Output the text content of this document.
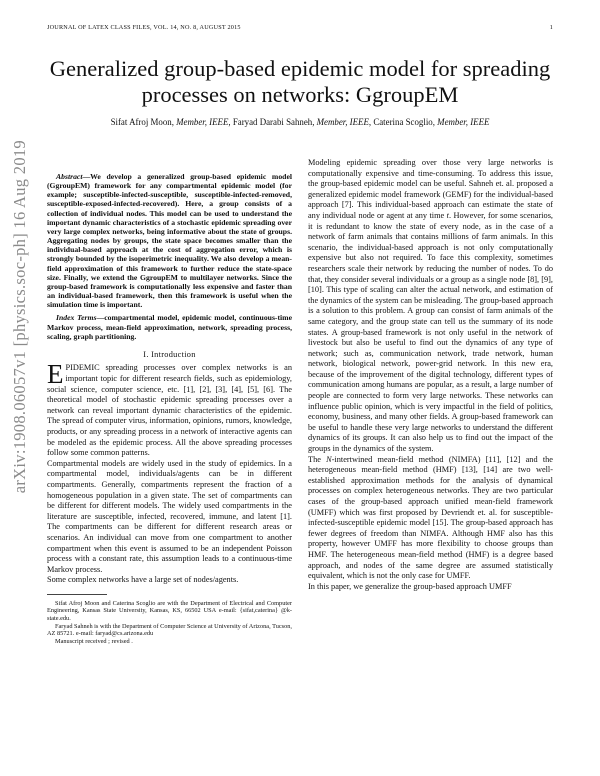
JOURNAL OF LATEX CLASS FILES, VOL. 14, NO. 8, AUGUST 2015	1
arXiv:1908.06057v1 [physics.soc-ph] 16 Aug 2019
Generalized group-based epidemic model for spreading processes on networks: GgroupEM
Sifat Afroj Moon, Member, IEEE, Faryad Darabi Sahneh, Member, IEEE, Caterina Scoglio, Member, IEEE

Abstract—We develop a generalized group-based epidemic model (GgroupEM) framework for any compartmental epidemic model (for example; susceptible-infected-susceptible, susceptible-infected-removed, susceptible-exposed-infected-recovered). Here, a group consists of a collection of individual nodes. This model can be used to understand the important dynamic characteristics of a stochastic epidemic spreading over very large complex networks, being informative about the state of groups. Aggregating nodes by groups, the state space becomes smaller than the individual-based approach at the cost of aggregation error, which is strongly bounded by the isoperimetric inequality. We also develop a mean-field approximation of this framework to further reduce the state-space size. Finally, we extend the GgroupEM to multilayer networks. Since the group-based framework is computationally less expensive and faster than an individual-based framework, then this framework is useful when the simulation time is important.

Index Terms—compartmental model, epidemic model, continuous-time Markov process, mean-field approximation, network, spreading process, scaling, graph partitioning.

I. Introduction

EPIDEMIC spreading processes over complex networks is an important topic for different research fields, such as epidemiology, social science, computer science, etc. [1], [2], [3], [4], [5], [6]. The theoretical model of stochastic epidemic spreading processes over a network can reveal important dynamic characteristics of the epidemic. The spread of computer virus, information, opinions, rumors, knowledge, products, or any spreading process in a network of interactive agents can be modeled as the epidemic process. All the above spreading processes follow some common patterns.

Compartmental models are widely used in the study of epidemics. In a compartmental model, individuals/agents can be in different compartments. Generally, compartments represent the fraction of a homogeneous population in a given state. The set of compartments can be different for different models. The widely used compartments in the literature are susceptible, infected, recovered, immune, and latent [1]. The compartments can be different for different research areas or scenarios. An individual can move from one compartment to another compartment when this event is assumed to be an independent Poisson process with a constant rate, this assumption leads to a continuous-time Markov process.

Some complex networks have a large set of nodes/agents.

Sifat Afroj Moon and Caterina Scoglio are with the Department of Electrical and Computer Engineering, Kansas State University, Kansas, KS, 66502 USA e-mail: {sifat,caterina} @k-state.edu.

Faryad Sahneh is with the Department of Computer Science at University of Arizona, Tucson, AZ 85721. e-mail: faryad@cs.arizona.edu

Manuscript received ; revised .

Modeling epidemic spreading over those very large networks is computationally expensive and time-consuming. To address this issue, the group-based epidemic model can be useful. Sahneh et. al. proposed a generalized epidemic model framework (GEMF) for the individual-based approach [7]. This individual-based approach can estimate the state of any individual node or agent at any time t. However, for some scenarios, it is redundant to know the state of every node, as in the case of a network of farm animals that contains millions of farm animals. In this scenario, the individual-based approach is not only computationally expensive but also not required. To face this complexity, sometimes researchers scale their network by reducing the number of nodes. To do that, they consider several individuals or a group as a single node [8], [9], [10]. This type of scaling can alter the actual network, and estimation of the dynamics of the system can be misleading. The group-based approach is a solution to this problem. A group can consist of farm animals of the same category, and the group state can tell us the summary of its node states. A group-based framework is not only useful in the network of livestock but also be useful to find out the dynamics of any type of network; such as, communication network, trade network, human network, biological network, power-grid network. In this new era, because of the improvement of the digital technology, different types of communication among humans are popular, as a result, a large number of people are connected to form very large networks. These networks can influence public opinion, which is very impactful in the field of politics, economy, business, and many other fields. A group-based framework can be useful to handle these very large networks to understand the different dynamics of its groups. It can also help us to find out the impact of the groups in the dynamics of the system.

The N-intertwined mean-field method (NIMFA) [11], [12] and the heterogeneous mean-field method (HMF) [13], [14] are two well-established approximation methods for the analysis of dynamical processes on complex heterogeneous networks. They are two particular cases of the group-based approach unified mean-field framework (UMFF) which was first proposed by Devriendt et. al. for susceptible-infected-susceptible epidemic model [15]. The group-based approach has fewer degrees of freedom than NIMFA. Although HMF also has this property, however UMFF has more flexibility to choose groups than HMF. The heterogeneous mean-field method (HMF) is a degree based approach, and nodes of the same degree are assumed statistically equivalent, which is not the only case for UMFF.

In this paper, we generalize the group-based approach UMFF
